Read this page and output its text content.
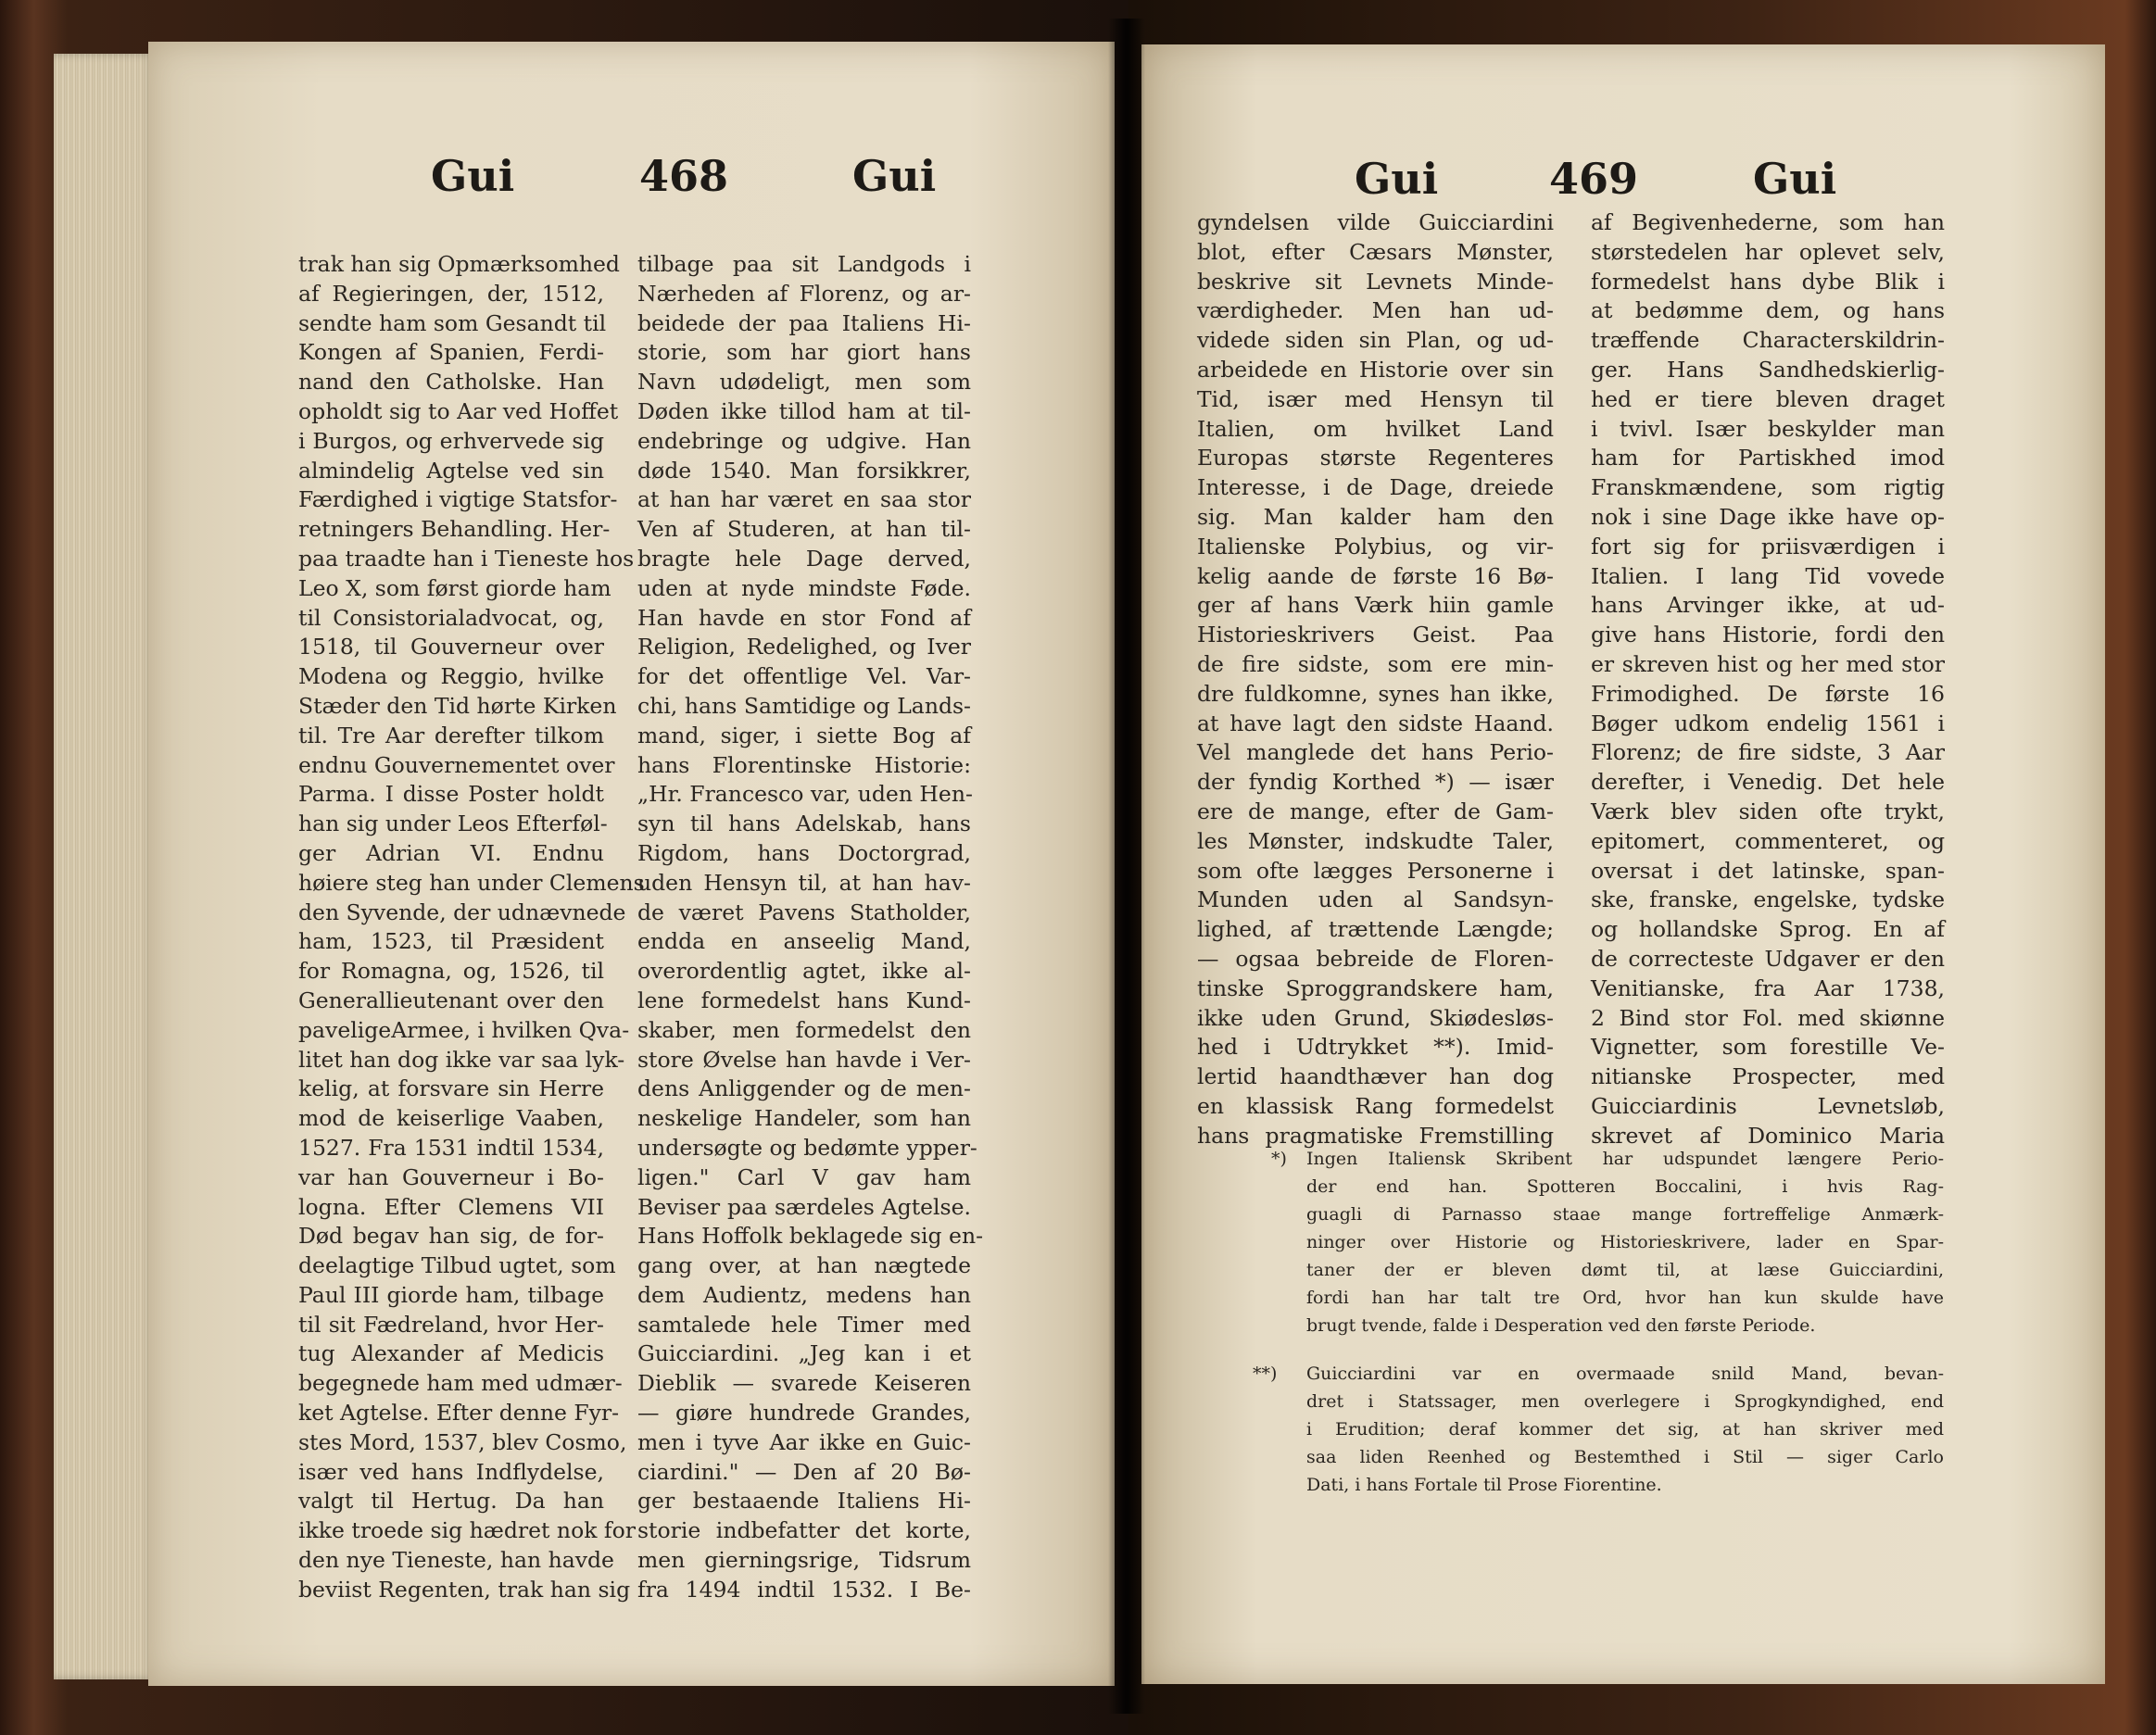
Gui	468	Gui
trak han sig Opmærksomhed
af Regieringen, der, 1512,
sendte ham som Gesandt til
Kongen af Spanien, Ferdi-
nand den Catholske. Han
opholdt sig to Aar ved Hoffet
i Burgos, og erhvervede sig
almindelig Agtelse ved sin
Færdighed i vigtige Statsfor-
retningers Behandling. Her-
paa traadte han i Tieneste hos
Leo X, som først giorde ham
til Consistorialadvocat, og,
1518, til Gouverneur over
Modena og Reggio, hvilke
Stæder den Tid hørte Kirken
til. Tre Aar derefter tilkom
endnu Gouvernementet over
Parma. I disse Poster holdt
han sig under Leos Efterføl-
ger Adrian VI. Endnu
høiere steg han under Clemens
den Syvende, der udnævnede
ham, 1523, til Præsident
for Romagna, og, 1526, til
Generallieutenant over den
paveligeArmee, i hvilken Qva-
litet han dog ikke var saa lyk-
kelig, at forsvare sin Herre
mod de keiserlige Vaaben,
1527. Fra 1531 indtil 1534,
var han Gouverneur i Bo-
logna. Efter Clemens VII
Død begav han sig, de for-
deelagtige Tilbud ugtet, som
Paul III giorde ham, tilbage
til sit Fædreland, hvor Her-
tug Alexander af Medicis
begegnede ham med udmær-
ket Agtelse. Efter denne Fyr-
stes Mord, 1537, blev Cosmo,
især ved hans Indflydelse,
valgt til Hertug. Da han
ikke troede sig hædret nok for
den nye Tieneste, han havde
beviist Regenten, trak han sig
tilbage paa sit Landgods i
Nærheden af Florenz, og ar-
beidede der paa Italiens Hi-
storie, som har giort hans
Navn udødeligt, men som
Døden ikke tillod ham at til-
endebringe og udgive. Han
døde 1540. Man forsikkrer,
at han har været en saa stor
Ven af Studeren, at han til-
bragte hele Dage derved,
uden at nyde mindste Føde.
Han havde en stor Fond af
Religion, Redelighed, og Iver
for det offentlige Vel. Var-
chi, hans Samtidige og Lands-
mand, siger, i siette Bog af
hans Florentinske Historie:
„Hr. Francesco var, uden Hen-
syn til hans Adelskab, hans
Rigdom, hans Doctorgrad,
uden Hensyn til, at han hav-
de været Pavens Statholder,
endda en anseelig Mand,
overordentlig agtet, ikke al-
lene formedelst hans Kund-
skaber, men formedelst den
store Øvelse han havde i Ver-
dens Anliggender og de men-
neskelige Handeler, som han
undersøgte og bedømte ypper-
ligen." Carl V gav ham
Beviser paa særdeles Agtelse.
Hans Hoffolk beklagede sig en-
gang over, at han nægtede
dem Audientz, medens han
samtalede hele Timer med
Guicciardini. „Jeg kan i et
Dieblik — svarede Keiseren
— giøre hundrede Grandes,
men i tyve Aar ikke en Guic-
ciardini." — Den af 20 Bø-
ger bestaaende Italiens Hi-
storie indbefatter det korte,
men gierningsrige, Tidsrum
fra 1494 indtil 1532. I Be-
Gui	469	Gui
gyndelsen vilde Guicciardini
blot, efter Cæsars Mønster,
beskrive sit Levnets Minde-
værdigheder. Men han ud-
videde siden sin Plan, og ud-
arbeidede en Historie over sin
Tid, især med Hensyn til
Italien, om hvilket Land
Europas største Regenteres
Interesse, i de Dage, dreiede
sig. Man kalder ham den
Italienske Polybius, og vir-
kelig aande de første 16 Bø-
ger af hans Værk hiin gamle
Historieskrivers Geist. Paa
de fire sidste, som ere min-
dre fuldkomne, synes han ikke,
at have lagt den sidste Haand.
Vel manglede det hans Perio-
der fyndig Korthed *) — især
ere de mange, efter de Gam-
les Mønster, indskudte Taler,
som ofte lægges Personerne i
Munden uden al Sandsyn-
lighed, af trættende Længde;
— ogsaa bebreide de Floren-
tinske Sproggrandskere ham,
ikke uden Grund, Skiødesløs-
hed i Udtrykket **). Imid-
lertid haandthæver han dog
en klassisk Rang formedelst
hans pragmatiske Fremstilling
af Begivenhederne, som han
størstedelen har oplevet selv,
formedelst hans dybe Blik i
at bedømme dem, og hans
træffende Characterskildrin-
ger. Hans Sandhedskierlig-
hed er tiere bleven draget
i tvivl. Især beskylder man
ham for Partiskhed imod
Franskmændene, som rigtig
nok i sine Dage ikke have op-
fort sig for priisværdigen i
Italien. I lang Tid vovede
hans Arvinger ikke, at ud-
give hans Historie, fordi den
er skreven hist og her med stor
Frimodighed. De første 16
Bøger udkom endelig 1561 i
Florenz; de fire sidste, 3 Aar
derefter, i Venedig. Det hele
Værk blev siden ofte trykt,
epitomert, commenteret, og
oversat i det latinske, span-
ske, franske, engelske, tydske
og hollandske Sprog. En af
de correcteste Udgaver er den
Venitianske, fra Aar 1738,
2 Bind stor Fol. med skiønne
Vignetter, som forestille Ve-
nitianske Prospecter, med
Guicciardinis Levnetsløb,
skrevet af Dominico Maria
*) Ingen Italiensk Skribent har udspundet længere Perio-
der end han. Spotteren Boccalini, i hvis Rag-
guagli di Parnasso staae mange fortreffelige Anmærk-
ninger over Historie og Historieskrivere, lader en Spar-
taner der er bleven dømt til, at læse Guicciardini,
fordi han har talt tre Ord, hvor han kun skulde have
brugt tvende, falde i Desperation ved den første Periode.
**) Guicciardini var en overmaade snild Mand, bevan-
dret i Statssager, men overlegere i Sprogkyndighed, end
i Erudition; deraf kommer det sig, at han skriver med
saa liden Reenhed og Bestemthed i Stil — siger Carlo
Dati, i hans Fortale til Prose Fiorentine.
